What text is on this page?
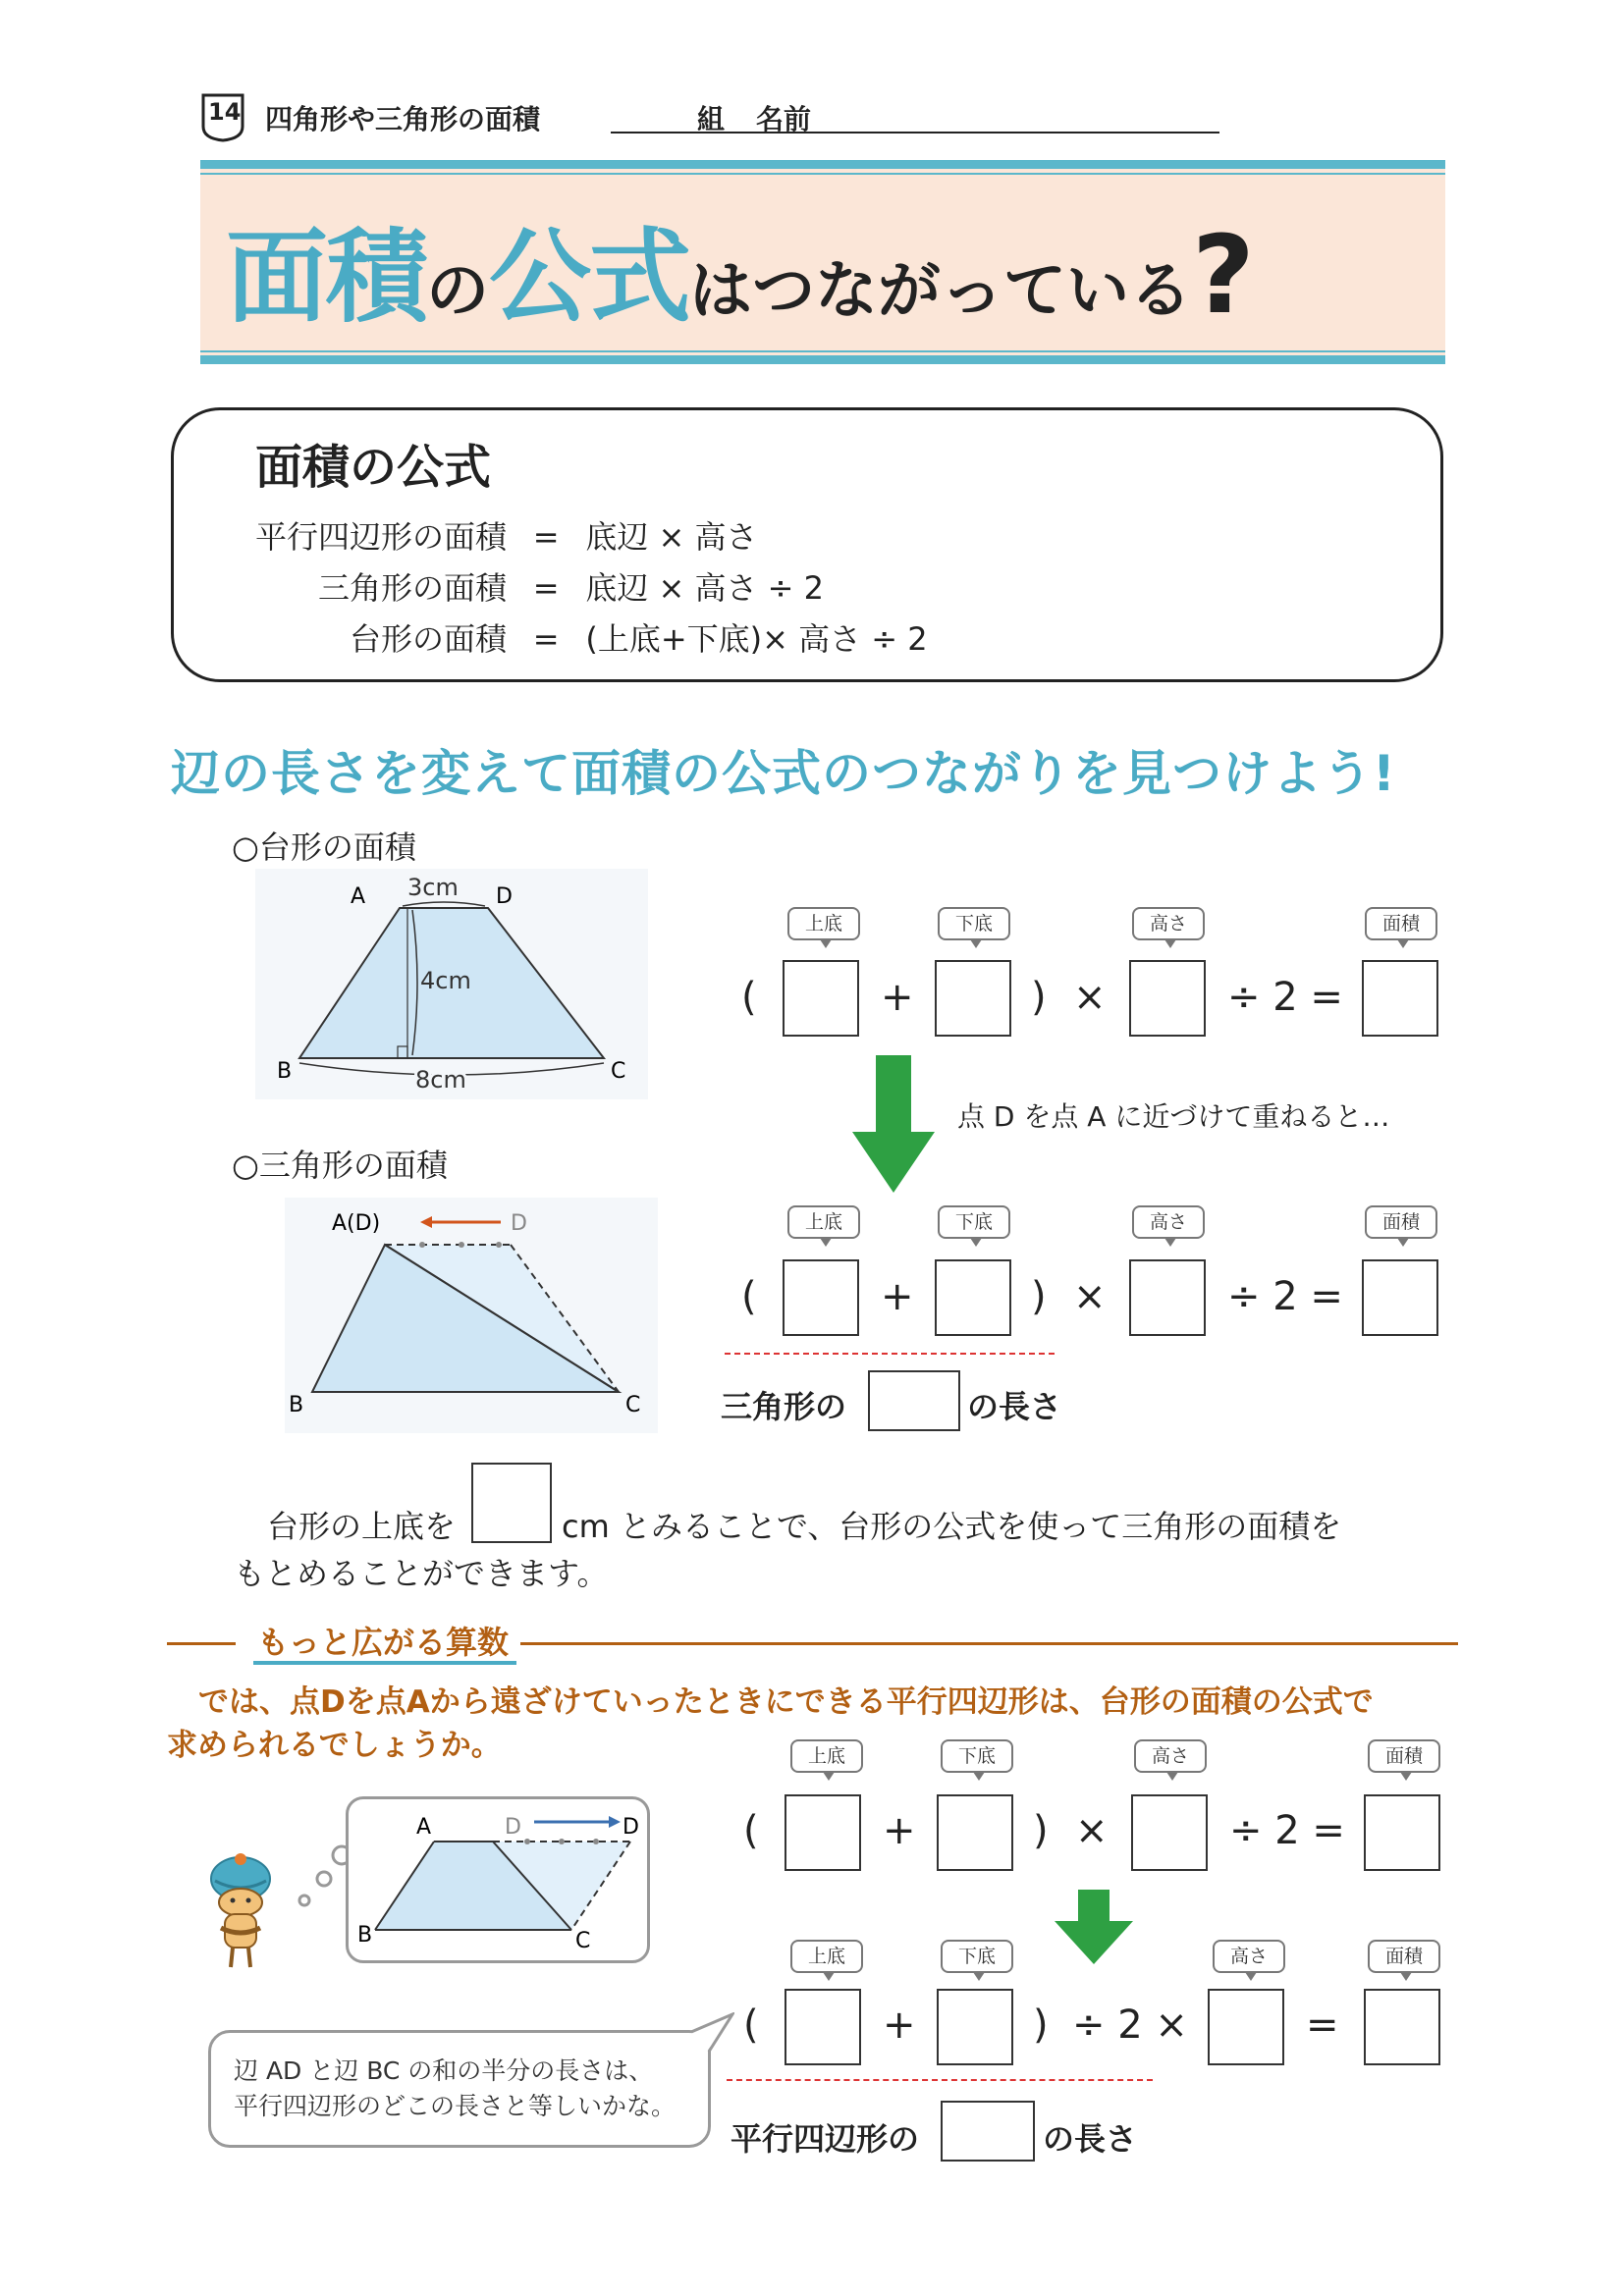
14 四角形や三角形の面積	組 名前
面積の公式はつながっている?
面積の公式
平行四辺形の面積 = 底辺 × 高さ
三角形の面積 = 底辺 × 高さ ÷ 2
台形の面積 = (上底+下底)× 高さ ÷ 2
辺の長さを変えて面積の公式のつながりを見つけよう!
○台形の面積
A	D
B	C
3cm
4cm
8cm
○三角形の面積
A(D)	D
B	C
上底	下底	高さ	面積
(	+	) ×	÷ 2 =
点 D を点 A に近づけて重ねると…
上底	下底	高さ	面積
(	+	) ×	÷ 2 =
三角形の	の長さ
台形の上底を	cm とみることで、台形の公式を使って三角形の面積を
もとめることができます。
もっと広がる算数
では、点Dを点Aから遠ざけていったときにできる平行四辺形は、台形の面積の公式で
求められるでしょうか。
A	D	D
B	C
辺 AD と辺 BC の和の半分の長さは、
平行四辺形のどこの長さと等しいかな。
上底	下底	高さ	面積
(	+	) ×	÷ 2 =
上底	下底	高さ	面積
(	+	) ÷ 2 ×	=
平行四辺形の	の長さ
